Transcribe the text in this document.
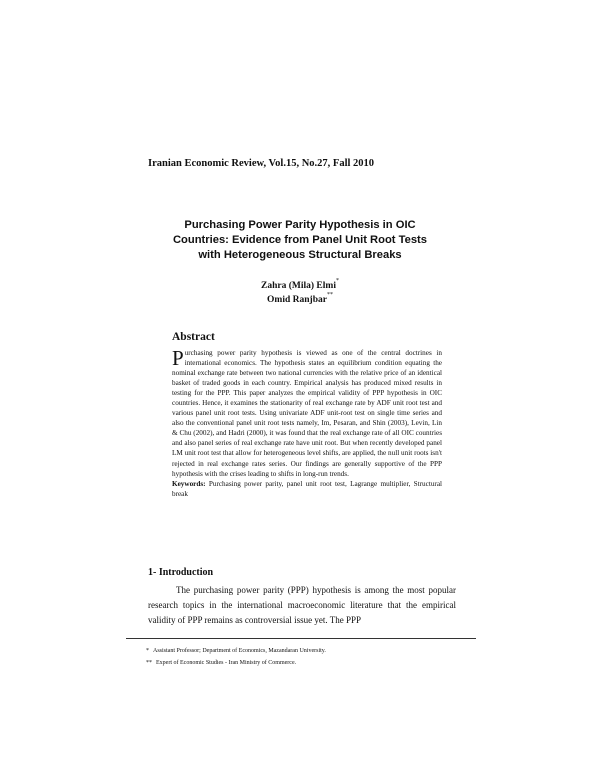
Iranian Economic Review, Vol.15, No.27, Fall 2010
Purchasing Power Parity Hypothesis in OIC
Countries: Evidence from Panel Unit Root Tests
with Heterogeneous Structural Breaks
Zahra (Mila) Elmi*
Omid Ranjbar**
Abstract
Purchasing power parity hypothesis is viewed as one of the central doctrines in international economics. The hypothesis states an equilibrium condition equating the nominal exchange rate between two national currencies with the relative price of an identical basket of traded goods in each country. Empirical analysis has produced mixed results in testing for the PPP. This paper analyzes the empirical validity of PPP hypothesis in OIC countries. Hence, it examines the stationarity of real exchange rate by ADF unit root test and various panel unit root tests. Using univariate ADF unit-root test on single time series and also the conventional panel unit root tests namely, Im, Pesaran, and Shin (2003), Levin, Lin & Chu (2002), and Hadri (2000), it was found that the real exchange rate of all OIC countries and also panel series of real exchange rate have unit root. But when recently developed panel LM unit root test that allow for heterogeneous level shifts, are applied, the null unit roots isn't rejected in real exchange rates series. Our findings are generally supportive of the PPP hypothesis with the crises leading to shifts in long-run trends.
Keywords: Purchasing power parity, panel unit root test, Lagrange multiplier, Structural break
1- Introduction
The purchasing power parity (PPP) hypothesis is among the most popular research topics in the international macroeconomic literature that the empirical validity of PPP remains as controversial issue yet. The PPP
* Assistant Professor; Department of Economics, Mazandaran University.
** Expert of Economic Studies - Iran Ministry of Commerce.
